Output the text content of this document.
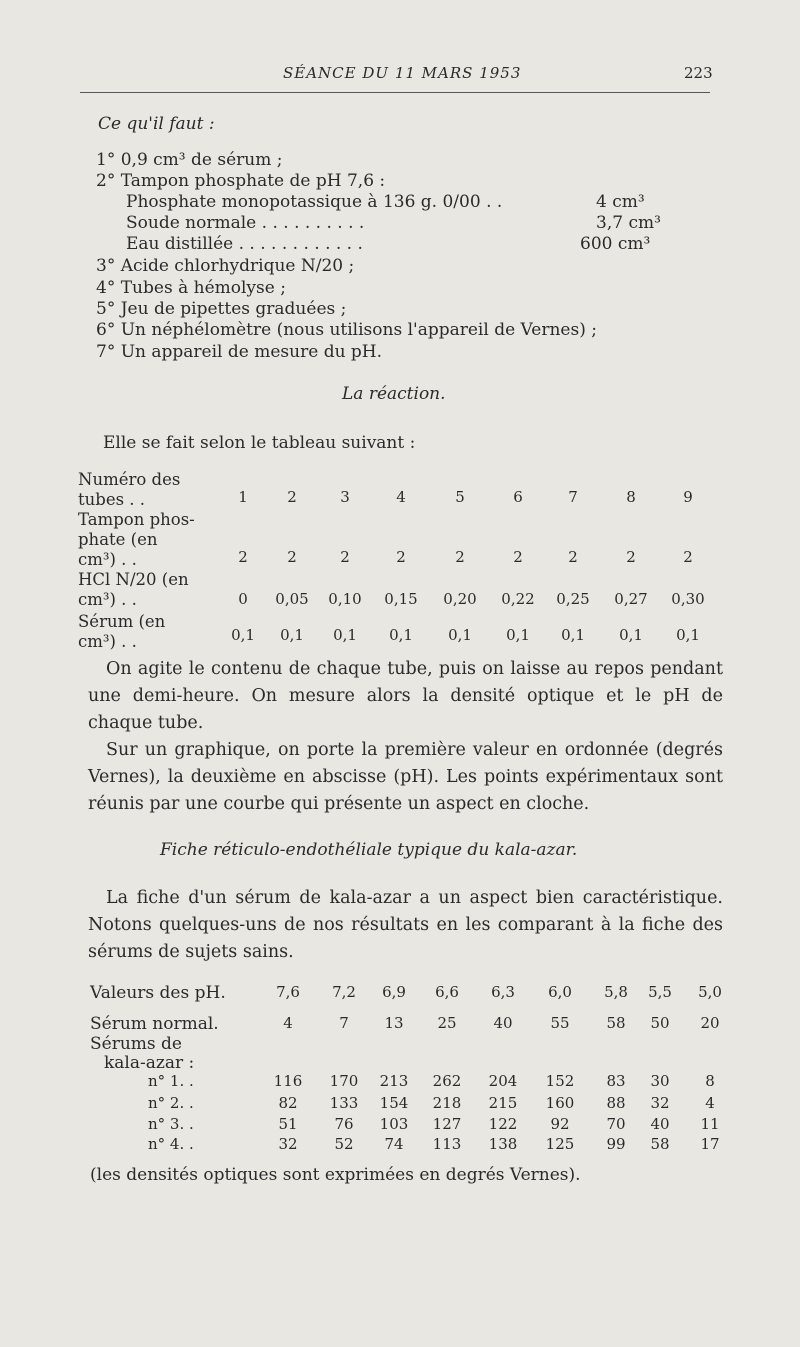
SÉANCE DU 11 MARS 1953	223
Ce qu'il faut :
1° 0,9 cm³ de sérum ;
2° Tampon phosphate de pH 7,6 :
Phosphate monopotassique à 136 g. 0/00 . .	4 cm³
Soude normale . . . . . . . . . .	3,7 cm³
Eau distillée . . . . . . . . . . . .	600 cm³
3° Acide chlorhydrique N/20 ;
4° Tubes à hémolyse ;
5° Jeu de pipettes graduées ;
6° Un néphélomètre (nous utilisons l'appareil de Vernes) ;
7° Un appareil de mesure du pH.
La réaction.
Elle se fait selon le tableau suivant :
Numéro des
tubes . .	1	2	3	4	5	6	7	8	9
Tampon phos-
phate (en
cm³) . .	2	2	2	2	2	2	2	2	2
HCl N/20 (en
cm³) . .	0	0,05	0,10	0,15	0,20	0,22	0,25	0,27	0,30
Sérum (en
cm³) . .	0,1	0,1	0,1	0,1	0,1	0,1	0,1	0,1	0,1

On agite le contenu de chaque tube, puis on laisse au repos pendant une demi-heure. On mesure alors la densité optique et le pH de chaque tube.

Sur un graphique, on porte la première valeur en ordonnée (degrés Vernes), la deuxième en abscisse (pH). Les points expérimentaux sont réunis par une courbe qui présente un aspect en cloche.

Fiche réticulo-endothéliale typique du kala-azar.

La fiche d'un sérum de kala-azar a un aspect bien caractéristique. Notons quelques-uns de nos résultats en les comparant à la fiche des sérums de sujets sains.

Valeurs des pH.	7,6	7,2	6,9	6,6	6,3	6,0	5,8	5,5	5,0
Sérum normal.	4	7	13	25	40	55	58	50	20
Sérums de
kala-azar :
n° 1. .	116	170	213	262	204	152	83	30	8
n° 2. .	82	133	154	218	215	160	88	32	4
n° 3. .	51	76	103	127	122	92	70	40	11
n° 4. .	32	52	74	113	138	125	99	58	17
(les densités optiques sont exprimées en degrés Vernes).
